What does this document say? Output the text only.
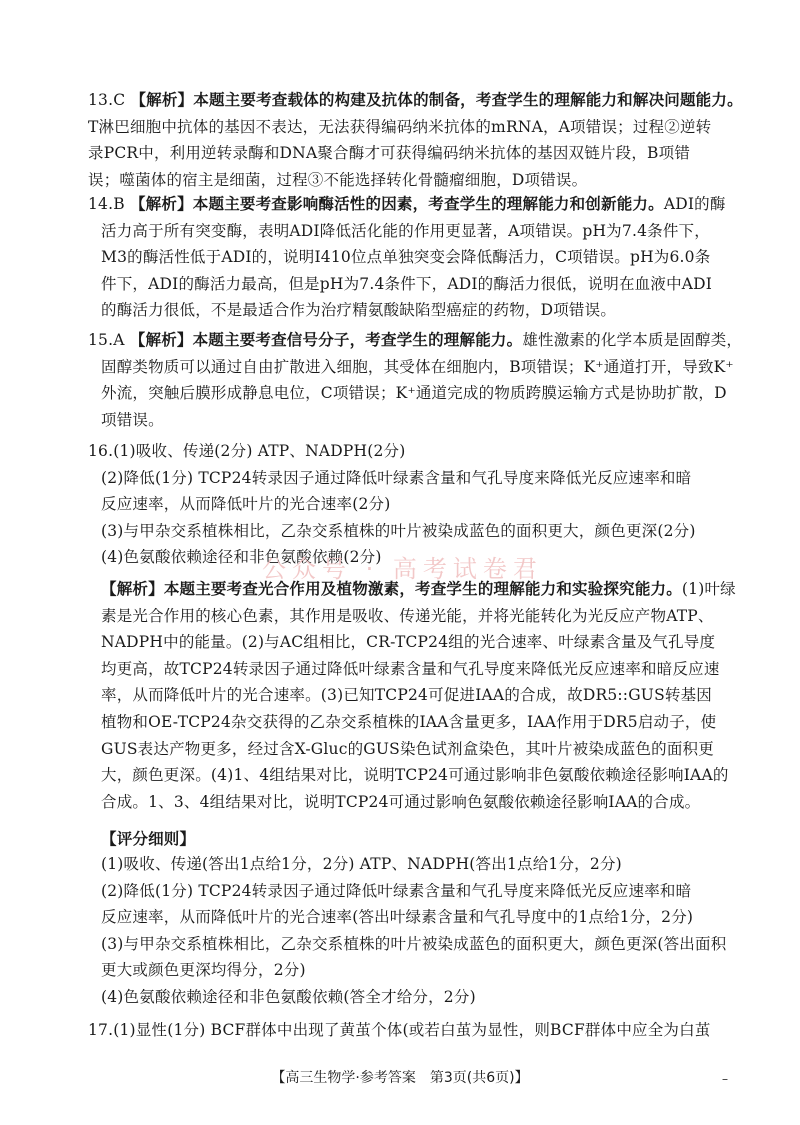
13.C 【解析】本题主要考查载体的构建及抗体的制备，考查学生的理解能力和解决问题能力。
T淋巴细胞中抗体的基因不表达，无法获得编码纳米抗体的mRNA，A项错误；过程②逆转
录PCR中，利用逆转录酶和DNA聚合酶才可获得编码纳米抗体的基因双链片段，B项错
误；噬菌体的宿主是细菌，过程③不能选择转化骨髓瘤细胞，D项错误。
14.B 【解析】本题主要考查影响酶活性的因素，考查学生的理解能力和创新能力。ADI的酶
活力高于所有突变酶，表明ADI降低活化能的作用更显著，A项错误。pH为7.4条件下，
M3的酶活性低于ADI的，说明I410位点单独突变会降低酶活力，C项错误。pH为6.0条
件下，ADI的酶活力最高，但是pH为7.4条件下，ADI的酶活力很低，说明在血液中ADI
的酶活力很低，不是最适合作为治疗精氨酸缺陷型癌症的药物，D项错误。
15.A 【解析】本题主要考查信号分子，考查学生的理解能力。雄性激素的化学本质是固醇类，
固醇类物质可以通过自由扩散进入细胞，其受体在细胞内，B项错误；K⁺通道打开，导致K⁺
外流，突触后膜形成静息电位，C项错误；K⁺通道完成的物质跨膜运输方式是协助扩散，D
项错误。
16.(1)吸收、传递(2分) ATP、NADPH(2分)
(2)降低(1分) TCP24转录因子通过降低叶绿素含量和气孔导度来降低光反应速率和暗
反应速率，从而降低叶片的光合速率(2分)
(3)与甲杂交系植株相比，乙杂交系植株的叶片被染成蓝色的面积更大，颜色更深(2分)
(4)色氨酸依赖途径和非色氨酸依赖(2分)
【解析】本题主要考查光合作用及植物激素，考查学生的理解能力和实验探究能力。(1)叶绿
素是光合作用的核心色素，其作用是吸收、传递光能，并将光能转化为光反应产物ATP、
NADPH中的能量。(2)与AC组相比，CR-TCP24组的光合速率、叶绿素含量及气孔导度
均更高，故TCP24转录因子通过降低叶绿素含量和气孔导度来降低光反应速率和暗反应速
率，从而降低叶片的光合速率。(3)已知TCP24可促进IAA的合成，故DR5::GUS转基因
植物和OE-TCP24杂交获得的乙杂交系植株的IAA含量更多，IAA作用于DR5启动子，使
GUS表达产物更多，经过含X-Gluc的GUS染色试剂盒染色，其叶片被染成蓝色的面积更
大，颜色更深。(4)1、4组结果对比，说明TCP24可通过影响非色氨酸依赖途径影响IAA的
合成。1、3、4组结果对比，说明TCP24可通过影响色氨酸依赖途径影响IAA的合成。
【评分细则】
(1)吸收、传递(答出1点给1分，2分) ATP、NADPH(答出1点给1分，2分)
(2)降低(1分) TCP24转录因子通过降低叶绿素含量和气孔导度来降低光反应速率和暗
反应速率，从而降低叶片的光合速率(答出叶绿素含量和气孔导度中的1点给1分，2分)
(3)与甲杂交系植株相比，乙杂交系植株的叶片被染成蓝色的面积更大，颜色更深(答出面积
更大或颜色更深均得分，2分)
(4)色氨酸依赖途径和非色氨酸依赖(答全才给分，2分)
17.(1)显性(1分) BCF群体中出现了黄茧个体(或若白茧为显性，则BCF群体中应全为白茧
公众号 · 高考试卷君
【高三生物学·参考答案　第3页(共6页)】	–
